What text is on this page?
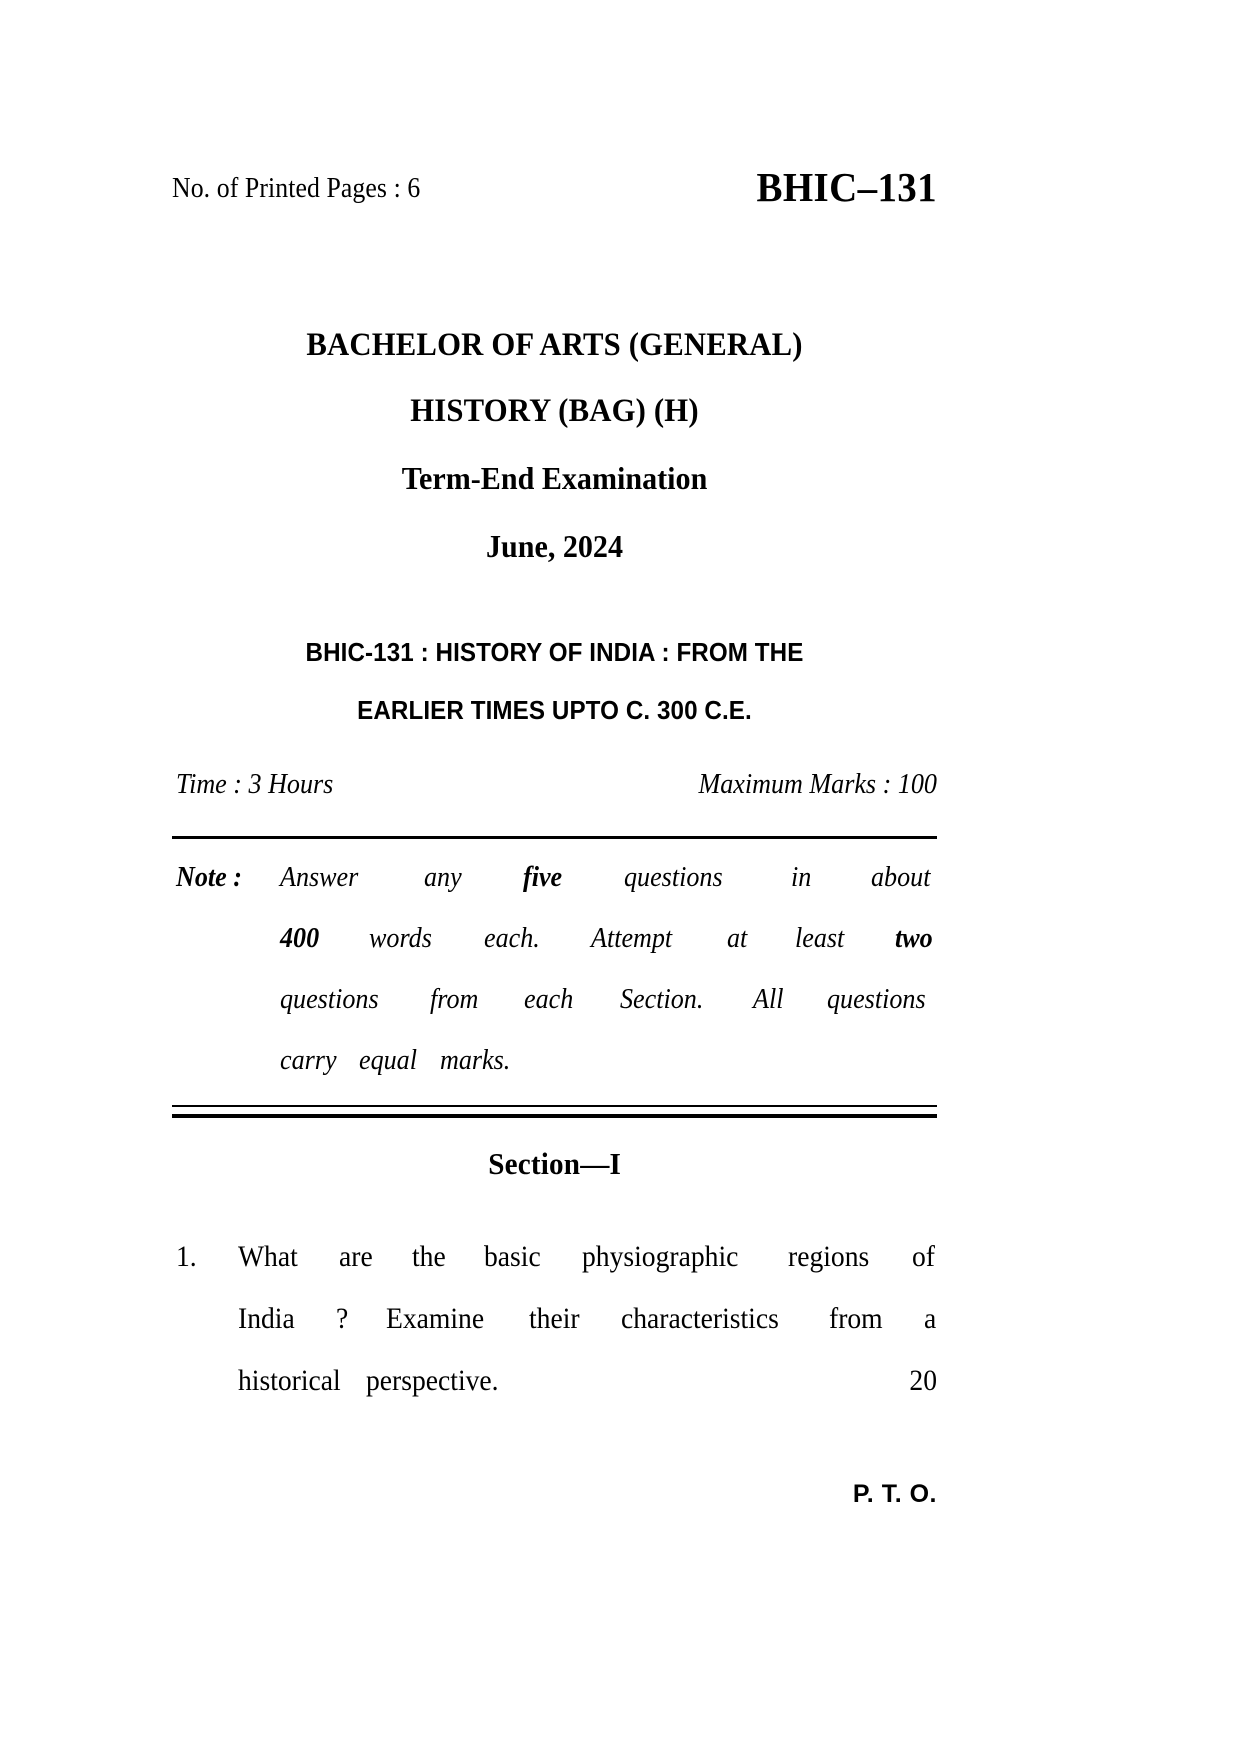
No. of Printed Pages : 6	BHIC–131
BACHELOR OF ARTS (GENERAL)
HISTORY (BAG) (H)
Term-End Examination
June, 2024
BHIC-131 : HISTORY OF INDIA : FROM THE
EARLIER TIMES UPTO C. 300 C.E.
Time : 3 Hours	Maximum Marks : 100
Note : Answer any five questions in about
400 words each. Attempt at least two
questions from each Section. All questions
carry equal marks.
Section—I
1. What are the basic physiographic regions of
India ? Examine their characteristics from a
historical perspective.	20
P. T. O.
